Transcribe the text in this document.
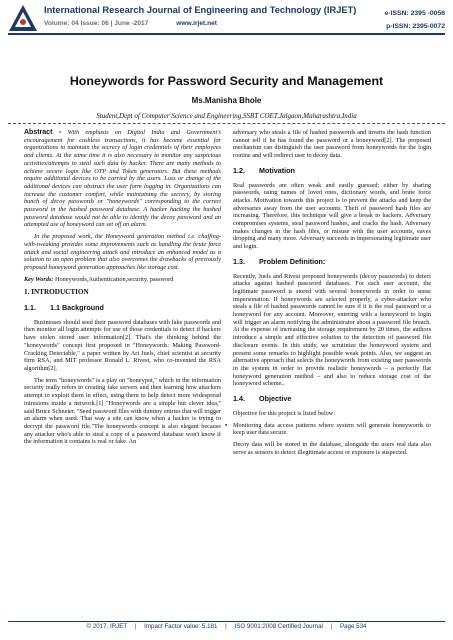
International Research Journal of Engineering and Technology (IRJET)
Volume: 04 Issue: 06 | June -2017	www.irjet.net
e-ISSN: 2395 -0056
p-ISSN: 2395-0072
Honeywords for Password Security and Management
Ms.Manisha Bhole
Student,Dept of Computer Science and Engineering,SSBT COET,Jalgaon,Maharashtra,India

Abstract - With emphasis on Digital India and Government's encouragement for cashless transactions, it has become essential for organizations to maintain the secrecy of login credentials of their employees and clients. At the same time it is also necessary to monitor any suspicious activities/attempts to steal such data by hacker. There are many methods to achieve secure login like OTP and Token generators. But these methods require additional devices to be carried by the users. Loss or change of the additional devices can obstruct the user form logging in. Organizations can increase the customer comfort, while maintaining the secrecy, by storing bunch of decoy passwords or "honeywords" corresponding to the correct password in the hashed password database. A hacker hacking the hashed password database would not be able to identify the decoy password and an attempted use of honeyword can set off an alarm.

In the proposed work, the Honeyword generation method i.e. chaffing-with-tweaking provides some improvements such as handling the brute force attack and social engineering attack and introduce an enhanced model as a solution to an open problem that also overcomes the drawbacks of previously proposed honeyword generation approaches like storage cost.

Key Words: Honeywords,Authentication,security, password

1. INTRODUCTION

1.1. 1.1 Background

Businesses should seed their password databases with fake passwords and then monitor all login attempts for use of those credentials to detect if hackers have stolen stored user information[2]. That's the thinking behind the "honeywords" concept first proposed in "Honeywords: Making Password-Cracking Detectable," a paper written by Ari Juels, chief scientist at security firm RSA, and MIT professor Ronald L. Rivest, who co-invented the RSA algorithm[2].

The term "honeywords" is a play on "honeypot," which in the information security really refers to creating fake servers and then learning how attackers attempt to exploit them in effect, using them to help detect more widespread intrusions inside a network.[1] "Honeywords are a simple but clever idea," said Bruce Schneier. "Seed password files with dummy entries that will trigger an alarm when used. That way a site can know when a hacker is trying to decrypt the password file."The honeywords concept is also elegant because any attacker who's able to steal a copy of a password database won't know if the information it contains is real or fake. An

adversary who steals a file of hashed passwords and inverts the hash function cannot tell if he has found the password or a honeyword[2]. The proposed mechanism can distinguish the user password from honeywords for the login routine and will redirect user to decoy data.

1.2. Motivation

Real passwords are often weak and easily guessed; either by sharing passwords, using names of loved ones, dictionary words, and brute force attacks. Motivation towards this project is to prevent the attacks and keep the adversaries away from the user accounts. Theft of password hash files are increasing. Therefore, this technique will give a break to hackers. Adversary compromises systems, steal password hashes, and cracks the hash. Adversary makes changes in the hash files, or misuse with the user accounts, eaves dropping and many more. Adversary succeeds in impersonating legitimate user and login.

1.3. Problem Definition:

Recently, Juels and Rivest proposed honeywords (decoy passwords) to detect attacks against hashed password databases. For each user account, the legitimate password is stored with several honeywords in order to sense impersonation. If honeywords are selected properly, a cyber-attacker who steals a file of hashed passwords cannot be sure if it is the real password or a honeyword for any account. Moreover, entering with a honeyword to login will trigger an alarm notifying the administrator about a password file breach. At the expense of increasing the storage requirement by 20 times, the authors introduce a simple and effective solution to the detection of password file disclosure events. In this study, we scrutinize the honeyword system and present some remarks to highlight possible weak points. Also, we suggest an alternative approach that selects the honeywords from existing user passwords in the system in order to provide realistic honeywords – a perfectly flat honeyword generation method – and also to reduce storage cost of the honeyword scheme..

1.4. Objective

Objective for this project is listed below:

• Monitoring data access patterns where system will generate honeywords to keep user data secure.

Decoy data will be stored in the database, alongside the users real data also serve as sensors to detect illegitimate access or exposure is suspected.

© 2017, IRJET | Impact Factor value: 5.181 | ISO 9001:2008 Certified Journal | Page 534
